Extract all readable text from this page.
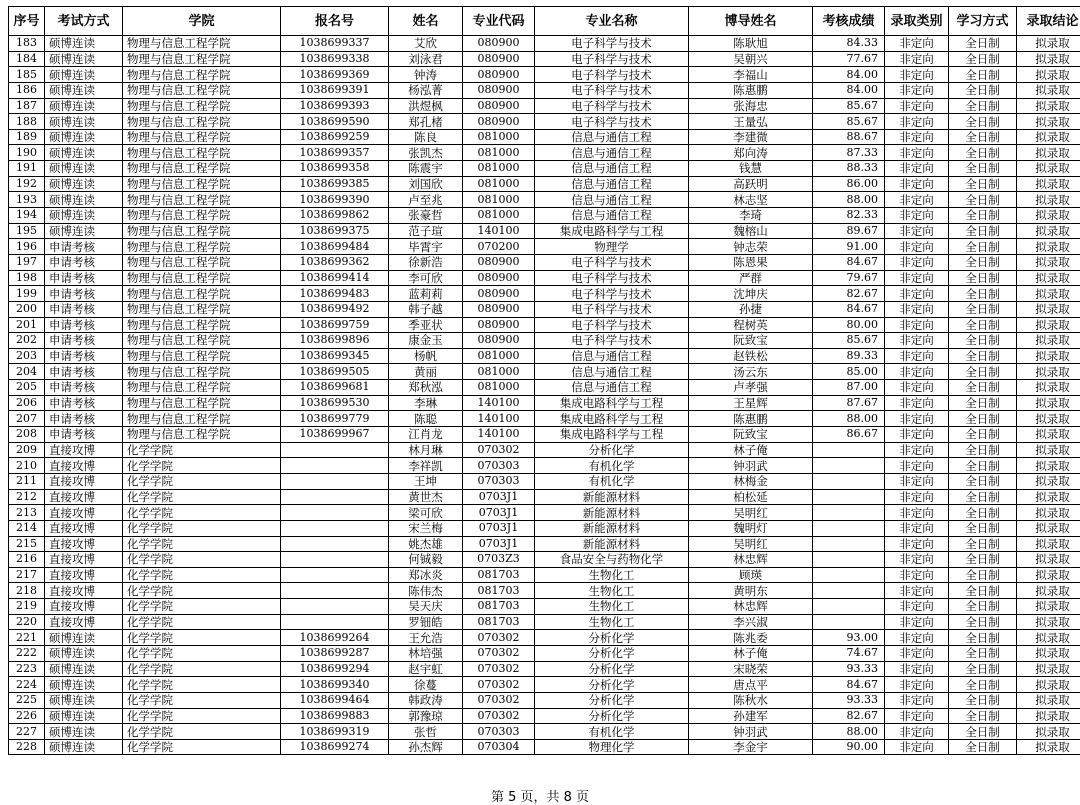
序号	考试方式	学院	报名号	姓名	专业代码	专业名称	博导姓名	考核成绩	录取类别	学习方式	录取结论
183	硕博连读	物理与信息工程学院	1038699337	艾欣	080900	电子科学与技术	陈耿旭	84.33	非定向	全日制	拟录取
184	硕博连读	物理与信息工程学院	1038699338	刘泳君	080900	电子科学与技术	吴朝兴	77.67	非定向	全日制	拟录取
185	硕博连读	物理与信息工程学院	1038699369	钟涛	080900	电子科学与技术	李福山	84.00	非定向	全日制	拟录取
186	硕博连读	物理与信息工程学院	1038699391	杨泓菁	080900	电子科学与技术	陈惠鹏	84.00	非定向	全日制	拟录取
187	硕博连读	物理与信息工程学院	1038699393	洪煜枫	080900	电子科学与技术	张海忠	85.67	非定向	全日制	拟录取
188	硕博连读	物理与信息工程学院	1038699590	郑孔楮	080900	电子科学与技术	王量弘	85.67	非定向	全日制	拟录取
189	硕博连读	物理与信息工程学院	1038699259	陈良	081000	信息与通信工程	李建微	88.67	非定向	全日制	拟录取
190	硕博连读	物理与信息工程学院	1038699357	张凯杰	081000	信息与通信工程	郑向涛	87.33	非定向	全日制	拟录取
191	硕博连读	物理与信息工程学院	1038699358	陈震宇	081000	信息与通信工程	钱慧	88.33	非定向	全日制	拟录取
192	硕博连读	物理与信息工程学院	1038699385	刘国欣	081000	信息与通信工程	高跃明	86.00	非定向	全日制	拟录取
193	硕博连读	物理与信息工程学院	1038699390	卢至兆	081000	信息与通信工程	林志坚	88.00	非定向	全日制	拟录取
194	硕博连读	物理与信息工程学院	1038699862	张豪哲	081000	信息与通信工程	李琦	82.33	非定向	全日制	拟录取
195	硕博连读	物理与信息工程学院	1038699375	范子瑄	140100	集成电路科学与工程	魏榕山	89.67	非定向	全日制	拟录取
196	申请考核	物理与信息工程学院	1038699484	毕霄宇	070200	物理学	钟志荣	91.00	非定向	全日制	拟录取
197	申请考核	物理与信息工程学院	1038699362	徐新浩	080900	电子科学与技术	陈恩果	84.67	非定向	全日制	拟录取
198	申请考核	物理与信息工程学院	1038699414	李可欣	080900	电子科学与技术	严群	79.67	非定向	全日制	拟录取
199	申请考核	物理与信息工程学院	1038699483	蓝莉莉	080900	电子科学与技术	沈坤庆	82.67	非定向	全日制	拟录取
200	申请考核	物理与信息工程学院	1038699492	韩子越	080900	电子科学与技术	孙捷	84.67	非定向	全日制	拟录取
201	申请考核	物理与信息工程学院	1038699759	季亚状	080900	电子科学与技术	程树英	80.00	非定向	全日制	拟录取
202	申请考核	物理与信息工程学院	1038699896	康金玉	080900	电子科学与技术	阮致宝	85.67	非定向	全日制	拟录取
203	申请考核	物理与信息工程学院	1038699345	杨帆	081000	信息与通信工程	赵铁松	89.33	非定向	全日制	拟录取
204	申请考核	物理与信息工程学院	1038699505	黄丽	081000	信息与通信工程	汤云东	85.00	非定向	全日制	拟录取
205	申请考核	物理与信息工程学院	1038699681	郑秋泓	081000	信息与通信工程	卢孝强	87.00	非定向	全日制	拟录取
206	申请考核	物理与信息工程学院	1038699530	李琳	140100	集成电路科学与工程	王星辉	87.67	非定向	全日制	拟录取
207	申请考核	物理与信息工程学院	1038699779	陈聪	140100	集成电路科学与工程	陈惠鹏	88.00	非定向	全日制	拟录取
208	申请考核	物理与信息工程学院	1038699967	江肖龙	140100	集成电路科学与工程	阮致宝	86.67	非定向	全日制	拟录取
209	直接攻博	化学学院		林月琳	070302	分析化学	林子俺		非定向	全日制	拟录取
210	直接攻博	化学学院		李祥凯	070303	有机化学	钟羽武		非定向	全日制	拟录取
211	直接攻博	化学学院		王坤	070303	有机化学	林梅金		非定向	全日制	拟录取
212	直接攻博	化学学院		黄世杰	0703J1	新能源材料	柏松延		非定向	全日制	拟录取
213	直接攻博	化学学院		梁可欣	0703J1	新能源材料	吴明红		非定向	全日制	拟录取
214	直接攻博	化学学院		宋兰梅	0703J1	新能源材料	魏明灯		非定向	全日制	拟录取
215	直接攻博	化学学院		姚杰雄	0703J1	新能源材料	吴明红		非定向	全日制	拟录取
216	直接攻博	化学学院		何铖毅	0703Z3	食品安全与药物化学	林忠辉		非定向	全日制	拟录取
217	直接攻博	化学学院		郑冰炎	081703	生物化工	顾瑛		非定向	全日制	拟录取
218	直接攻博	化学学院		陈伟杰	081703	生物化工	黄明东		非定向	全日制	拟录取
219	直接攻博	化学学院		吴天庆	081703	生物化工	林忠辉		非定向	全日制	拟录取
220	直接攻博	化学学院		罗钿皓	081703	生物化工	李兴淑		非定向	全日制	拟录取
221	硕博连读	化学学院	1038699264	王允浩	070302	分析化学	陈兆委	93.00	非定向	全日制	拟录取
222	硕博连读	化学学院	1038699287	林培强	070302	分析化学	林子俺	74.67	非定向	全日制	拟录取
223	硕博连读	化学学院	1038699294	赵宇虹	070302	分析化学	宋晓荣	93.33	非定向	全日制	拟录取
224	硕博连读	化学学院	1038699340	徐蔓	070302	分析化学	唐点平	84.67	非定向	全日制	拟录取
225	硕博连读	化学学院	1038699464	韩政涛	070302	分析化学	陈秋水	93.33	非定向	全日制	拟录取
226	硕博连读	化学学院	1038699883	郭豫琼	070302	分析化学	孙建军	82.67	非定向	全日制	拟录取
227	硕博连读	化学学院	1038699319	张哲	070303	有机化学	钟羽武	88.00	非定向	全日制	拟录取
228	硕博连读	化学学院	1038699274	孙杰辉	070304	物理化学	李金宇	90.00	非定向	全日制	拟录取
第 5 页，共 8 页
